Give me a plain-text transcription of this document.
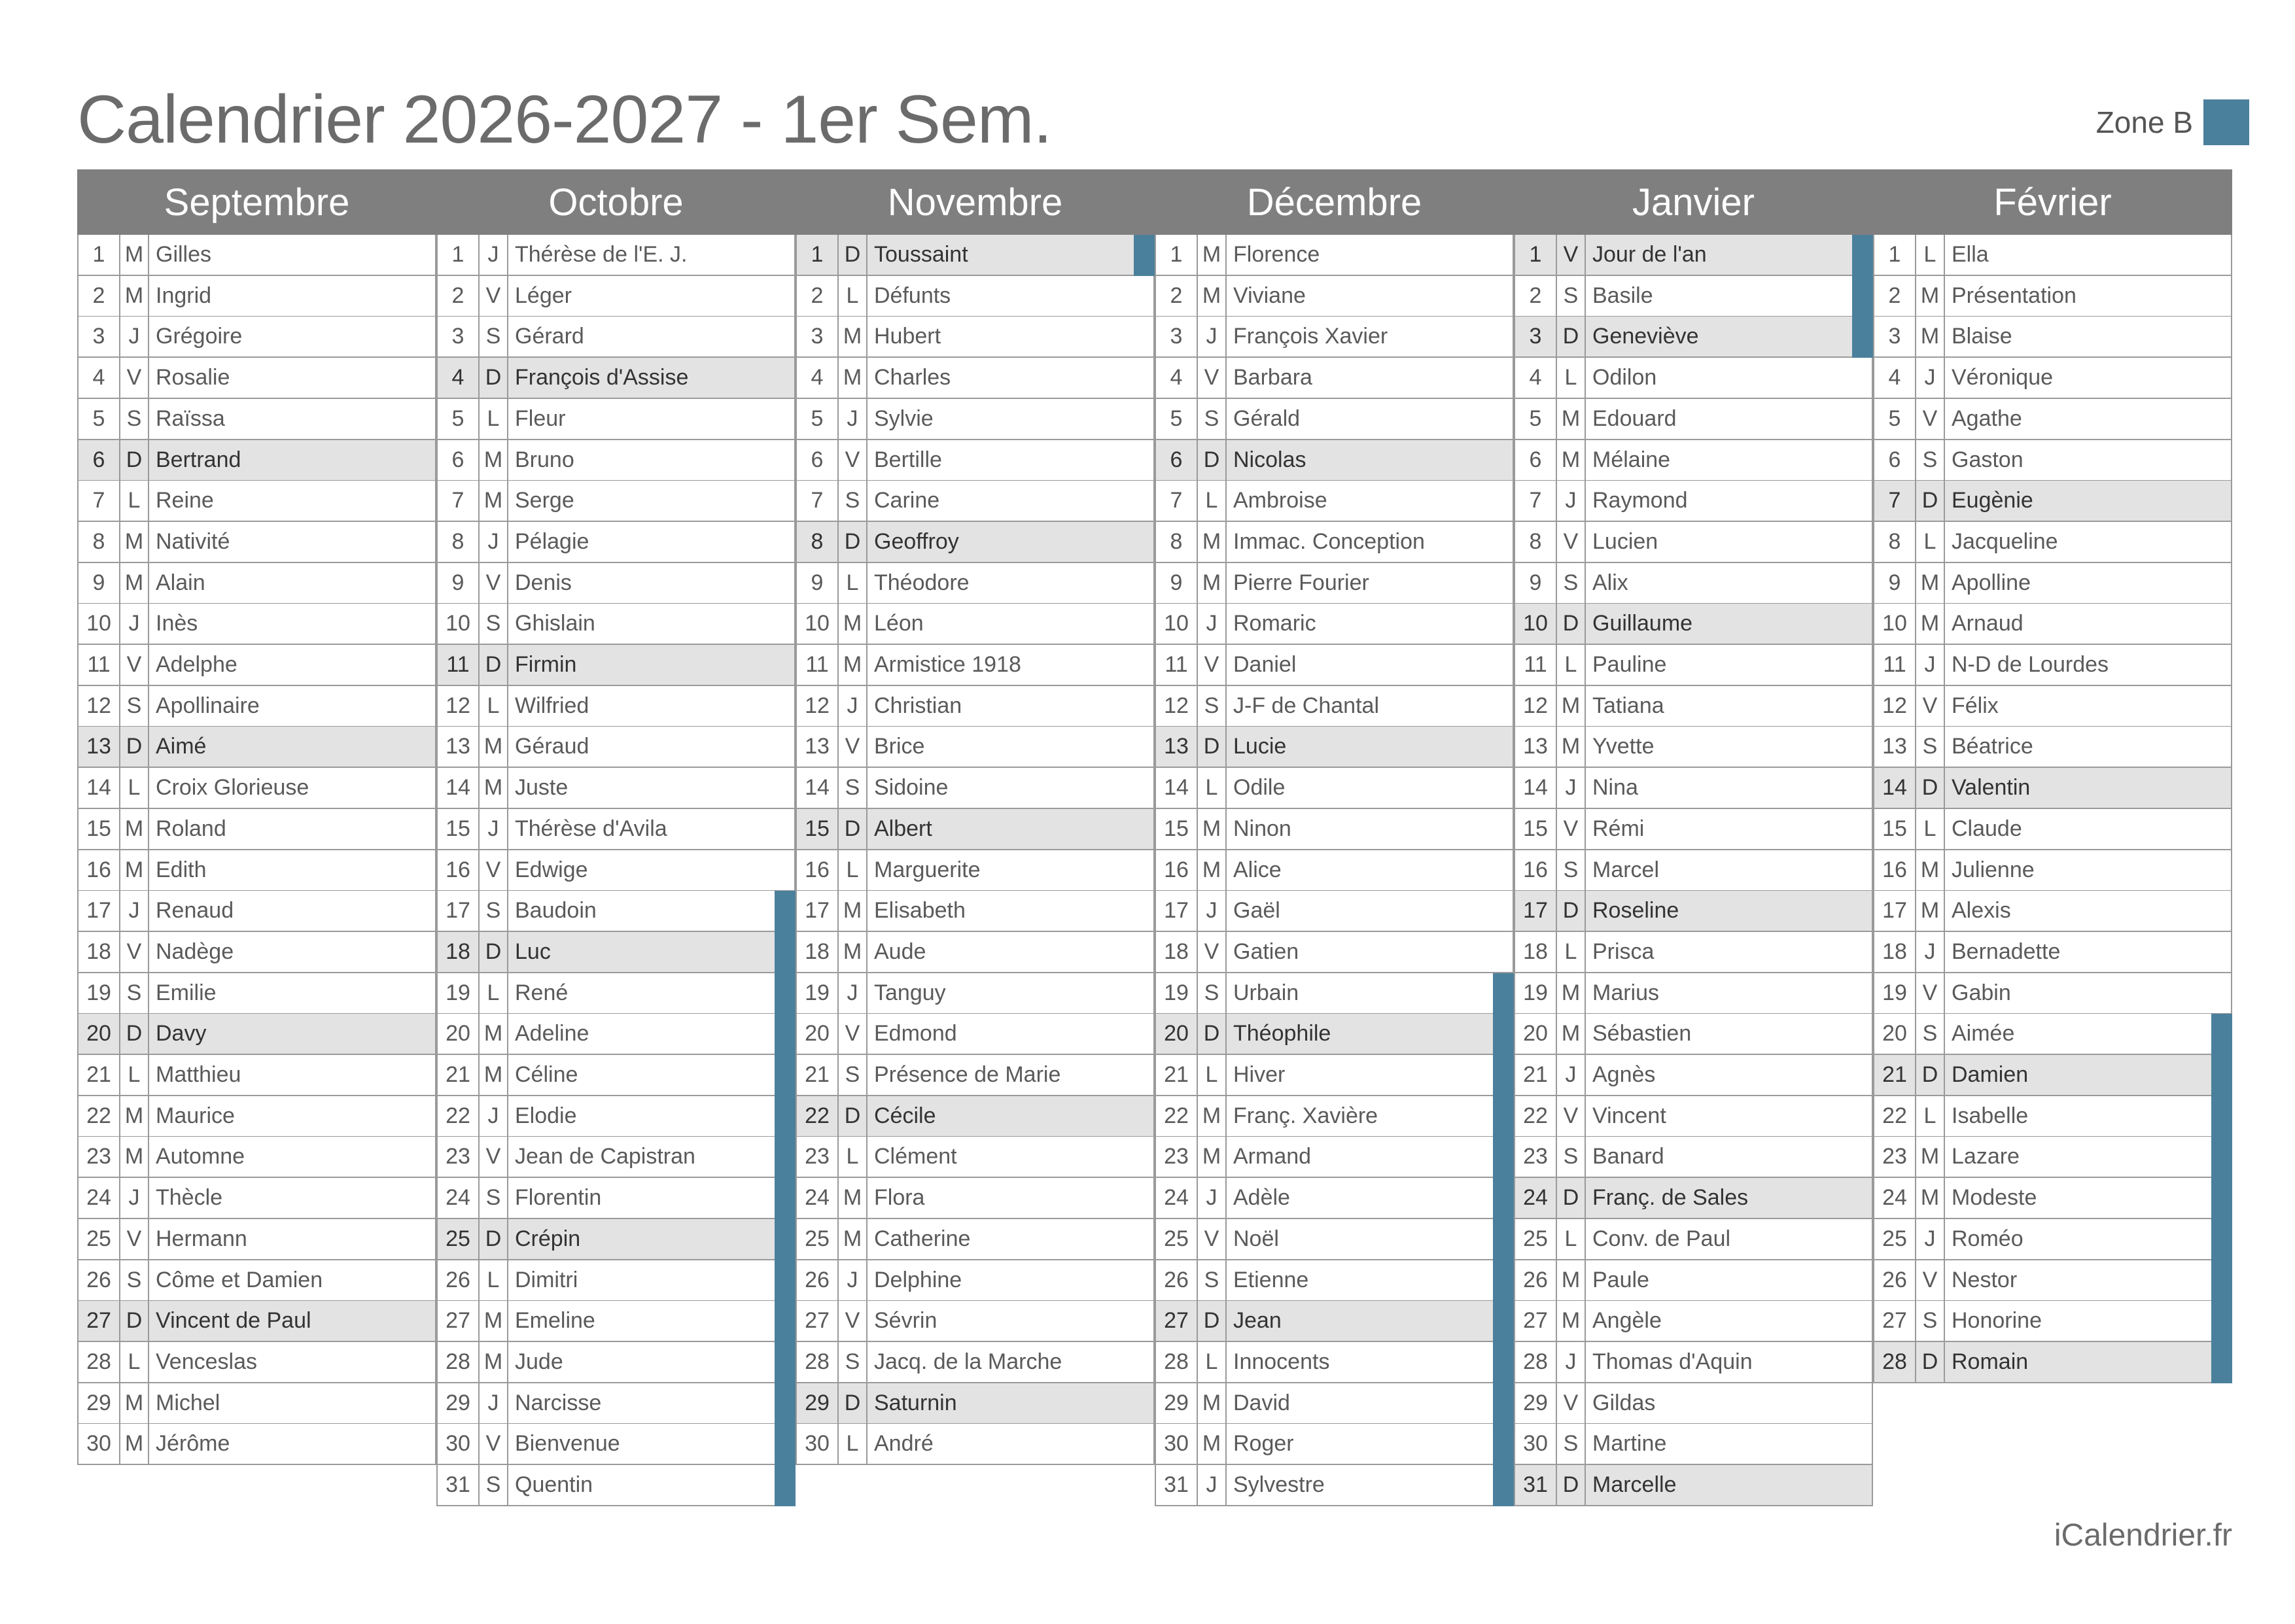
Calendrier 2026-2027 - 1er Sem.	Zone B
Septembre
1 M Gilles
2 M Ingrid
3	J Grégoire
4 V Rosalie
5 S Raïssa
6 D Bertrand
7	L Reine
8 M Nativité
9 M Alain
10 J Inès
11 V Adelphe
12 S Apollinaire
13 D Aimé
14 L Croix Glorieuse
15 M Roland
16 M Edith
17 J Renaud
18 V Nadège
19 S Emilie
20 D Davy
21 L Matthieu
22 M Maurice
23 M Automne
24 J Thècle
25 V Hermann
26 S Côme et Damien
27 D Vincent de Paul
28 L Venceslas
29 M Michel
30 M Jérôme
Octobre
1	J Thérèse de l'E. J.
2 V Léger
3 S Gérard
4 D François d'Assise
5	L Fleur
6 M Bruno
7 M Serge
8	J Pélagie
9 V Denis
10 S Ghislain
11 D Firmin
12 L Wilfried
13 M Géraud
14 M Juste
15 J Thérèse d'Avila
16 V Edwige
17 S Baudoin
18 D Luc
19 L René
20 M Adeline
21 M Céline
22 J Elodie
23 V Jean de Capistran
24 S Florentin
25 D Crépin
26 L Dimitri
27 M Emeline
28 M Jude
29 J Narcisse
30 V Bienvenue
31 S Quentin
Novembre
1 D Toussaint
2	L Défunts
3 M Hubert
4 M Charles
5	J Sylvie
6 V Bertille
7 S Carine
8 D Geoffroy
9	L Théodore
10 M Léon
11 M Armistice 1918
12 J Christian
13 V Brice
14 S Sidoine
15 D Albert
16 L Marguerite
17 M Elisabeth
18 M Aude
19 J Tanguy
20 V Edmond
21 S Présence de Marie
22 D Cécile
23 L Clément
24 M Flora
25 M Catherine
26 J Delphine
27 V Sévrin
28 S Jacq. de la Marche
29 D Saturnin
30 L André
Décembre
1 M Florence
2 M Viviane
3	J François Xavier
4 V Barbara
5 S Gérald
6 D Nicolas
7	L Ambroise
8 M Immac. Conception
9 M Pierre Fourier
10 J Romaric
11 V Daniel
12 S J-F de Chantal
13 D Lucie
14 L Odile
15 M Ninon
16 M Alice
17 J Gaël
18 V Gatien
19 S Urbain
20 D Théophile
21 L Hiver
22 M Franç. Xavière
23 M Armand
24 J Adèle
25 V Noël
26 S Etienne
27 D Jean
28 L Innocents
29 M David
30 M Roger
31 J Sylvestre
Janvier
1 V Jour de l'an
2 S Basile
3 D Geneviève
4	L Odilon
5 M Edouard
6 M Mélaine
7	J Raymond
8 V Lucien
9 S Alix
10 D Guillaume
11 L Pauline
12 M Tatiana
13 M Yvette
14 J Nina
15 V Rémi
16 S Marcel
17 D Roseline
18 L Prisca
19 M Marius
20 M Sébastien
21 J Agnès
22 V Vincent
23 S Banard
24 D Franç. de Sales
25 L Conv. de Paul
26 M Paule
27 M Angèle
28 J Thomas d'Aquin
29 V Gildas
30 S Martine
31 D Marcelle
Février
1	L Ella
2 M Présentation
3 M Blaise
4	J Véronique
5 V Agathe
6 S Gaston
7 D Eugènie
8	L Jacqueline
9 M Apolline
10 M Arnaud
11 J N-D de Lourdes
12 V Félix
13 S Béatrice
14 D Valentin
15 L Claude
16 M Julienne
17 M Alexis
18 J Bernadette
19 V Gabin
20 S Aimée
21 D Damien
22 L Isabelle
23 M Lazare
24 M Modeste
25 J Roméo
26 V Nestor
27 S Honorine
28 D Romain
iCalendrier.fr
